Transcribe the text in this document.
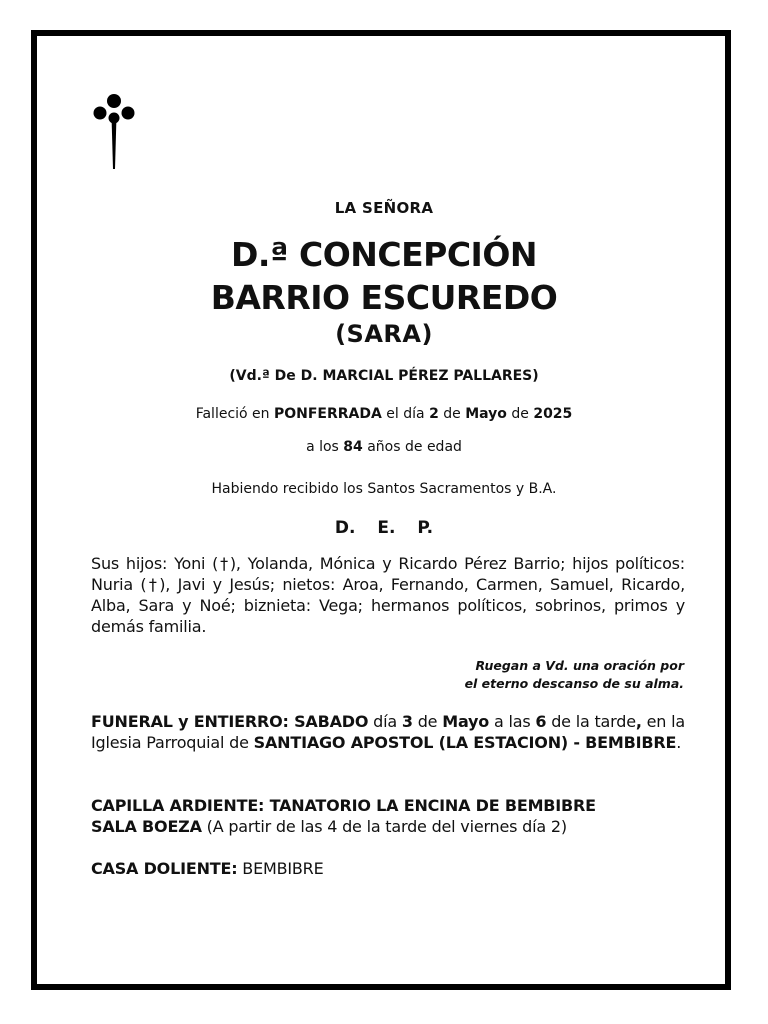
LA SEÑORA
D.ª CONCEPCIÓN
BARRIO ESCUREDO
(SARA)
(Vd.ª De D. MARCIAL PÉREZ PALLARES)
Falleció en PONFERRADA el día 2 de Mayo de 2025
a los 84 años de edad
Habiendo recibido los Santos Sacramentos y B.A.
D. E. P.
Sus hijos: Yoni (†), Yolanda, Mónica y Ricardo Pérez Barrio; hijos políticos: Nuria (†), Javi y Jesús; nietos: Aroa, Fernando, Carmen, Samuel, Ricardo, Alba, Sara y Noé; biznieta: Vega; hermanos políticos, sobrinos, primos y demás familia.
Ruegan a Vd. una oración por
el eterno descanso de su alma.
FUNERAL y ENTIERRO: SABADO día 3 de Mayo a las 6 de la tarde, en la Iglesia Parroquial de SANTIAGO APOSTOL (LA ESTACION) - BEMBIBRE.
CAPILLA ARDIENTE: TANATORIO LA ENCINA DE BEMBIBRE
SALA BOEZA (A partir de las 4 de la tarde del viernes día 2)
CASA DOLIENTE: BEMBIBRE
